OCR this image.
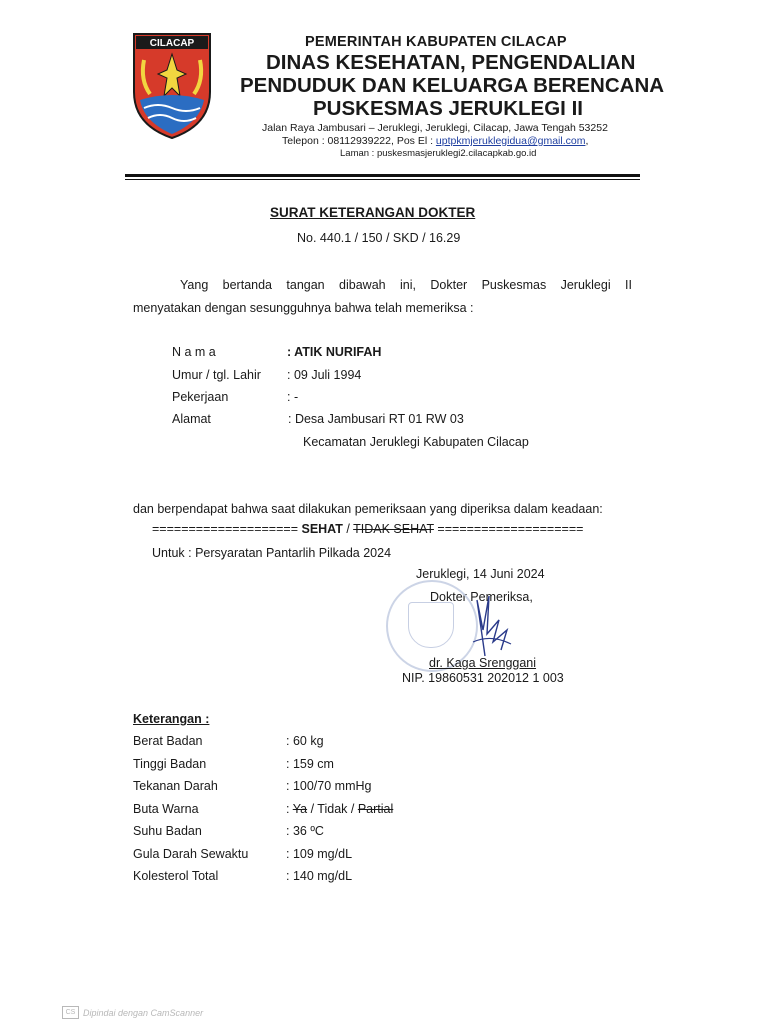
CILACAP	PEMERINTAH KABUPATEN CILACAP
DINAS KESEHATAN, PENGENDALIAN
PENDUDUK DAN KELUARGA BERENCANA
PUSKESMAS JERUKLEGI II
Jalan Raya Jambusari – Jeruklegi, Jeruklegi, Cilacap, Jawa Tengah 53252
Telepon : 08112939222, Pos El : uptpkmjeruklegidua@gmail.com,
Laman : puskesmasjeruklegi2.cilacapkab.go.id
SURAT KETERANGAN DOKTER
No. 440.1 / 150 / SKD / 16.29
Yang bertanda tangan dibawah ini, Dokter Puskesmas Jeruklegi II
menyatakan dengan sesungguhnya bahwa telah memeriksa :
N a m a	: ATIK NURIFAH
Umur / tgl. Lahir : 09 Juli 1994
Pekerjaan	: -
Alamat	: Desa Jambusari RT 01 RW 03
Kecamatan Jeruklegi Kabupaten Cilacap
dan berpendapat bahwa saat dilakukan pemeriksaan yang diperiksa dalam keadaan:
==================== SEHAT / TIDAK SEHAT ====================
Untuk : Persyaratan Pantarlih Pilkada 2024
Jeruklegi, 14 Juni 2024
Dokter Pemeriksa,
dr. Kaga Srenggani
NIP. 19860531 202012 1 003
Keterangan :
Berat Badan	: 60 kg
Tinggi Badan	: 159 cm
Tekanan Darah	: 100/70 mmHg
Buta Warna	: Ya / Tidak / Partial
Suhu Badan	: 36 ºC
Gula Darah Sewaktu	: 109 mg/dL
Kolesterol Total	: 140 mg/dL
CS Dipindai dengan CamScanner
